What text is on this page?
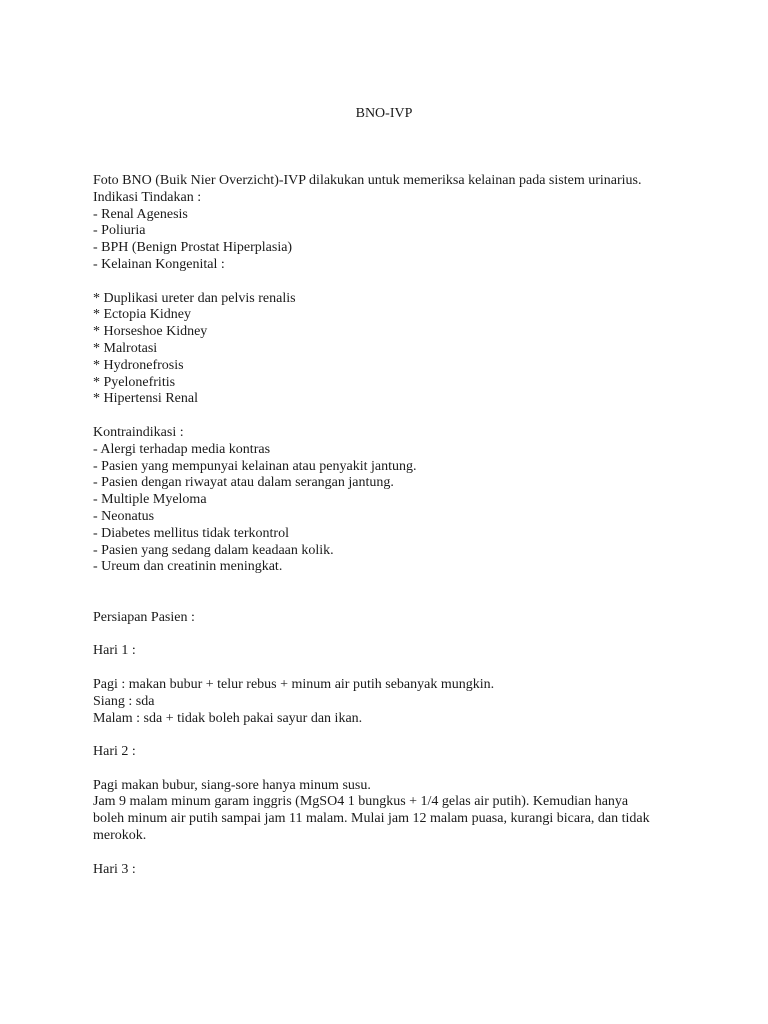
BNO-IVP
Foto BNO (Buik Nier Overzicht)-IVP dilakukan untuk memeriksa kelainan pada sistem urinarius.
Indikasi Tindakan :
- Renal Agenesis
- Poliuria
- BPH (Benign Prostat Hiperplasia)
- Kelainan Kongenital :
* Duplikasi ureter dan pelvis renalis
* Ectopia Kidney
* Horseshoe Kidney
* Malrotasi
* Hydronefrosis
* Pyelonefritis
* Hipertensi Renal
Kontraindikasi :
- Alergi terhadap media kontras
- Pasien yang mempunyai kelainan atau penyakit jantung.
- Pasien dengan riwayat atau dalam serangan jantung.
- Multiple Myeloma
- Neonatus
- Diabetes mellitus tidak terkontrol
- Pasien yang sedang dalam keadaan kolik.
- Ureum dan creatinin meningkat.
Persiapan Pasien :
Hari 1 :
Pagi : makan bubur + telur rebus + minum air putih sebanyak mungkin.
Siang : sda
Malam : sda + tidak boleh pakai sayur dan ikan.
Hari 2 :
Pagi makan bubur, siang-sore hanya minum susu.
Jam 9 malam minum garam inggris (MgSO4 1 bungkus + 1/4 gelas air putih). Kemudian hanya boleh minum air putih sampai jam 11 malam. Mulai jam 12 malam puasa, kurangi bicara, dan tidak merokok.
Hari 3 :
